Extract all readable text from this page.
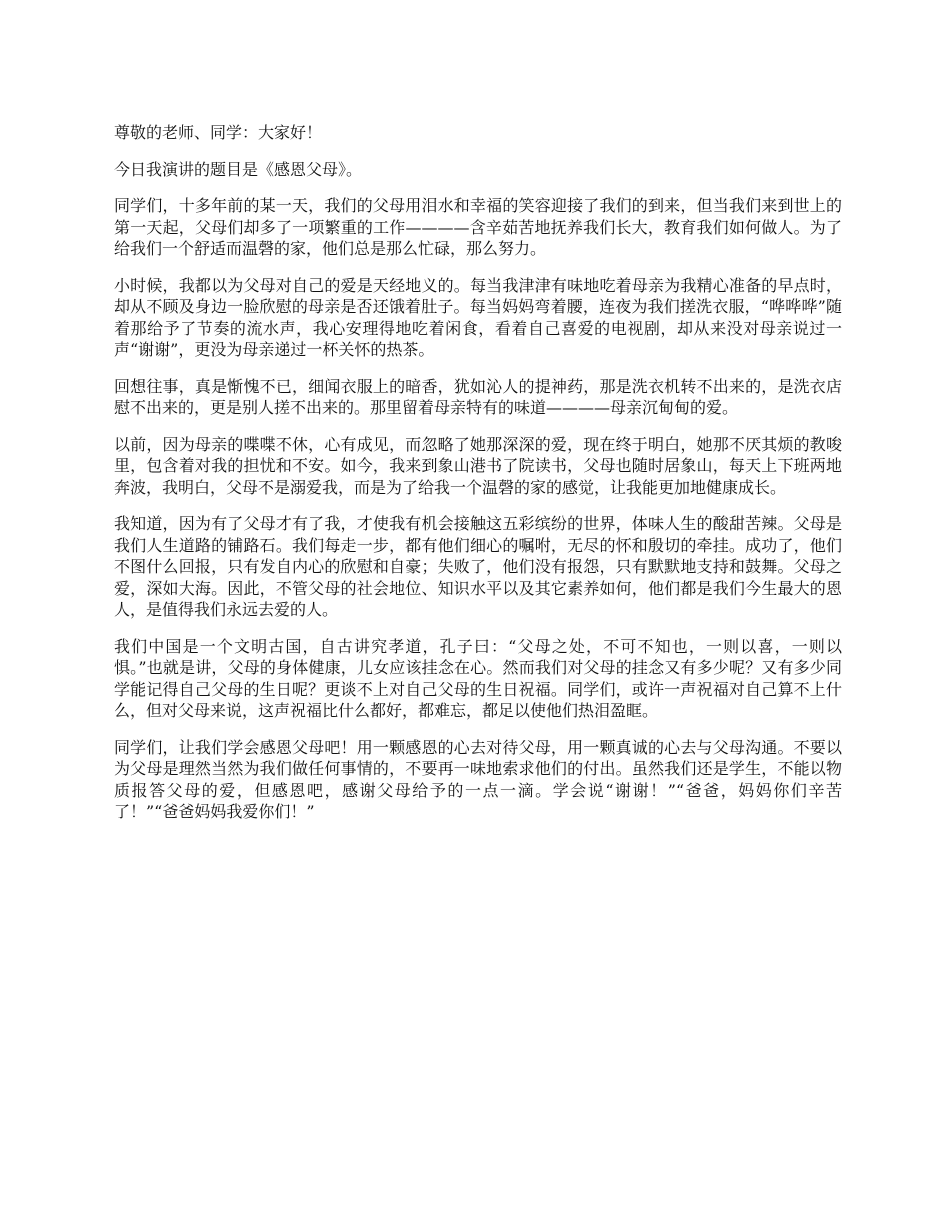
尊敬的老师、同学：大家好！

今日我演讲的题目是《感恩父母》。

同学们，十多年前的某一天，我们的父母用泪水和幸福的笑容迎接了我们的到来，但当我们来到世上的第一天起，父母们却多了一项繁重的工作————含辛茹苦地抚养我们长大，教育我们如何做人。为了给我们一个舒适而温磬的家，他们总是那么忙碌，那么努力。

小时候，我都以为父母对自己的爱是天经地义的。每当我津津有味地吃着母亲为我精心准备的早点时，却从不顾及身边一脸欣慰的母亲是否还饿着肚子。每当妈妈弯着腰，连夜为我们搓洗衣服，“哗哗哗”随着那给予了节奏的流水声，我心安理得地吃着闲食，看着自己喜爱的电视剧，却从来没对母亲说过一声“谢谢”，更没为母亲递过一杯关怀的热茶。

回想往事，真是惭愧不已，细闻衣服上的暗香，犹如沁人的提神药，那是洗衣机转不出来的，是洗衣店慰不出来的，更是别人搓不出来的。那里留着母亲特有的味道————母亲沉甸甸的爱。

以前，因为母亲的喋喋不休，心有成见，而忽略了她那深深的爱，现在终于明白，她那不厌其烦的教唆里，包含着对我的担忧和不安。如今，我来到象山港书了院读书，父母也随时居象山，每天上下班两地奔波，我明白，父母不是溺爱我，而是为了给我一个温磬的家的感觉，让我能更加地健康成长。

我知道，因为有了父母才有了我，才使我有机会接触这五彩缤纷的世界，体味人生的酸甜苦辣。父母是我们人生道路的铺路石。我们每走一步，都有他们细心的嘱咐，无尽的怀和殷切的牵挂。成功了，他们不图什么回报，只有发自内心的欣慰和自豪；失败了，他们没有报怨，只有默默地支持和鼓舞。父母之爱，深如大海。因此，不管父母的社会地位、知识水平以及其它素养如何，他们都是我们今生最大的恩人，是值得我们永远去爱的人。

我们中国是一个文明古国，自古讲究孝道，孔子曰：“父母之处，不可不知也，一则以喜，一则以惧。”也就是讲，父母的身体健康，儿女应该挂念在心。然而我们对父母的挂念又有多少呢？又有多少同学能记得自己父母的生日呢？更谈不上对自己父母的生日祝福。同学们，或许一声祝福对自己算不上什么，但对父母来说，这声祝福比什么都好，都难忘，都足以使他们热泪盈眶。

同学们，让我们学会感恩父母吧！用一颗感恩的心去对待父母，用一颗真诚的心去与父母沟通。不要以为父母是理然当然为我们做任何事情的，不要再一味地索求他们的付出。虽然我们还是学生，不能以物质报答父母的爱，但感恩吧，感谢父母给予的一点一滴。学会说“谢谢！”“爸爸，妈妈你们辛苦了！”“爸爸妈妈我爱你们！”
